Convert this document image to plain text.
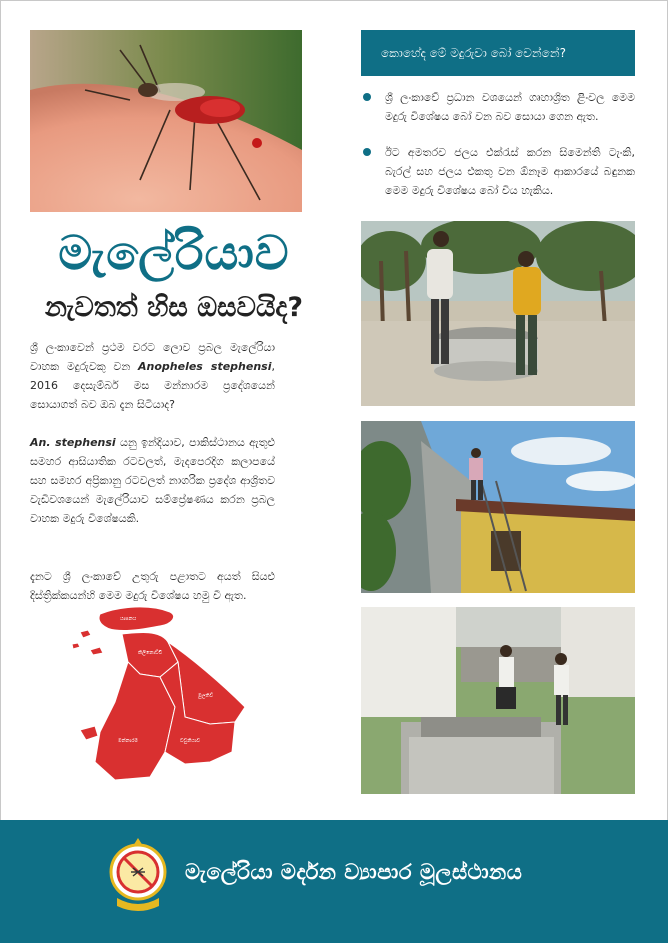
මැලේරියාව
නැවතත් හිස ඔසවයිද?
ශ්‍රී ලංකාවෙන් ප්‍රථම වරට ලොව ප්‍රබල මැලේරියා වාහක මදුරුවකු වන Anopheles stephensi, 2016 දෙසැම්බර් මස මන්නාරම ප්‍රදේශයෙන් සොයාගත් බව ඔබ දැන සිටියාද?
An. stephensi යනු ඉන්දියාව, පාකිස්ථානය ඇතුළු සමහර ආසියාතික රටවලත්, මැදපෙරදිග කලාපයේ සහ සමහර අප්‍රිකානු රටවලත් නාගරික ප්‍රදේශ ආශ්‍රිතව වැඩිවශයෙන් මැලේරියාව සම්ප්‍රේෂණය කරන ප්‍රබල වාහක මදුරු විශේෂයකි.
දැනට ශ්‍රී ලංකාවේ උතුරු පළාතට අයත් සියළු දිස්ත්‍රික්කයන්හි මෙම මදුරු විශේෂය හමු වී ඇත.
යාපනය
කිලිනොච්චි
මුලතිව්
මන්නාරම	වවුනියාව
කොහේද මේ මදුරුවා බෝ වෙන්නේ?
ශ්‍රී ලංකාවේ ප්‍රධාන වශයෙන් ගෘහාශ්‍රිත ළිංවල මෙම මදුරු විශේෂය බෝ වන බව සොයා ගෙන ඇත.
ඊට අමතරව ජලය එක්රැස් කරන සිමෙන්ති ටැංකි, බැරල් සහ ජලය එකතු වන ඕනෑම ආකාරයේ බඳුනක මෙම මදුරු විශේෂය බෝ විය හැකිය.
මැලේරියා මර්දන ව්‍යාපාර මූලස්ථානය
